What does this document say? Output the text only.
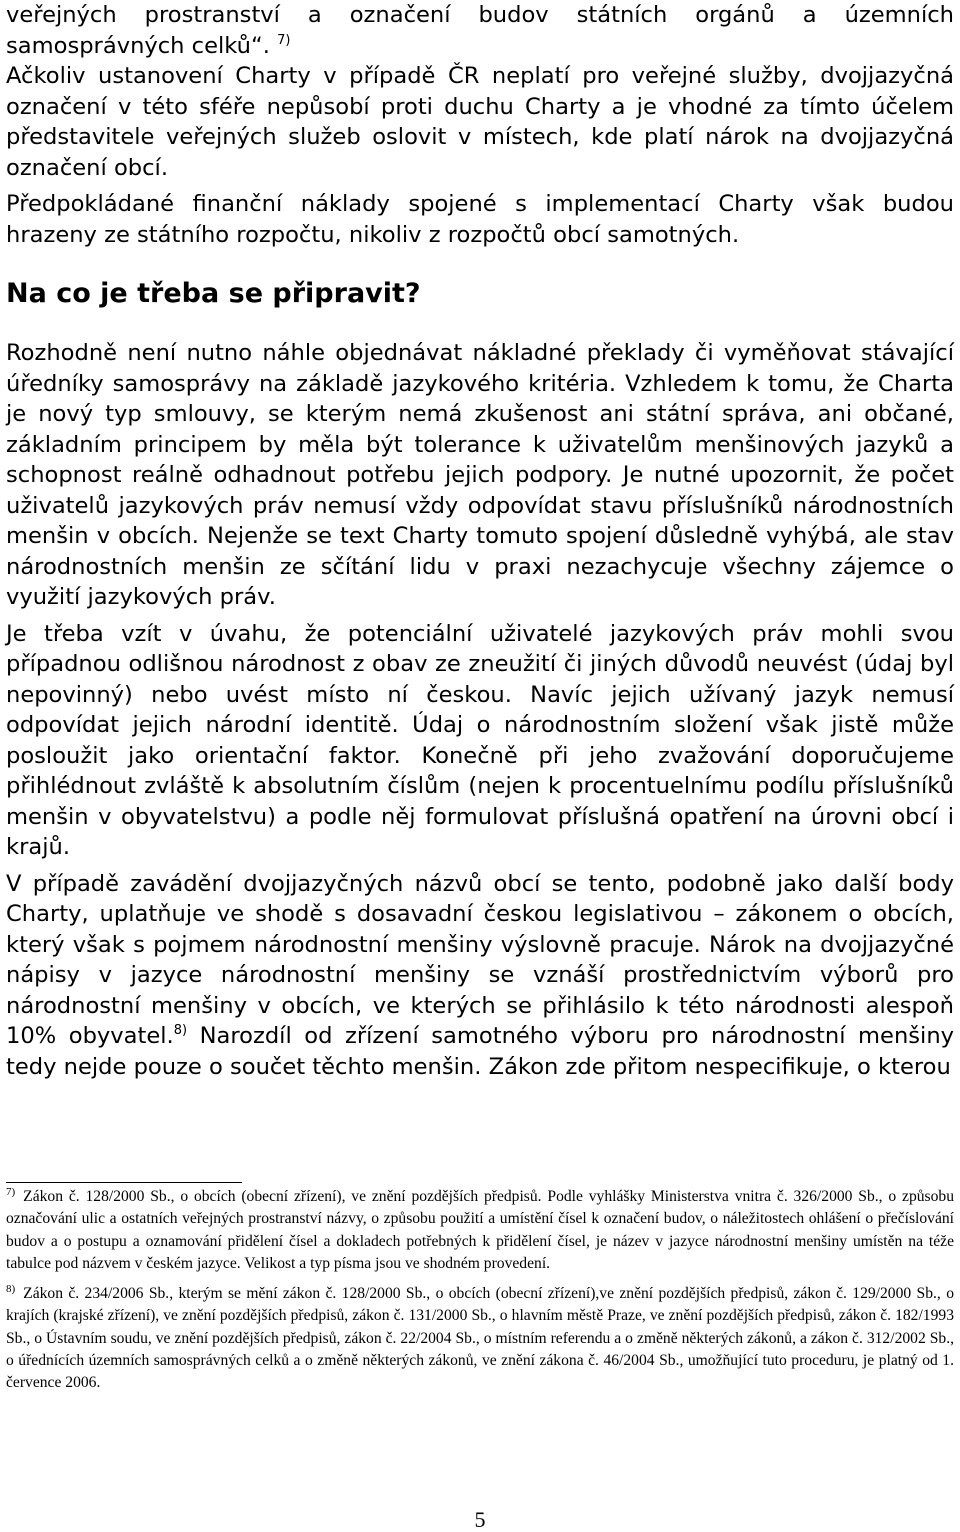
veřejných prostranství a označení budov státních orgánů a územních samosprávných celků“. $^{7)}$

Ačkoliv ustanovení Charty v případě ČR neplatí pro veřejné služby, dvojjazyčná označení v této sféře nepůsobí proti duchu Charty a je vhodné za tímto účelem představitele veřejných služeb oslovit v místech, kde platí nárok na dvojjazyčná označení obcí.

Předpokládané finanční náklady spojené s implementací Charty však budou hrazeny ze státního rozpočtu, nikoliv z rozpočtů obcí samotných.

Na co je třeba se připravit?

Rozhodně není nutno náhle objednávat nákladné překlady či vyměňovat stávající úředníky samosprávy na základě jazykového kritéria. Vzhledem k tomu, že Charta je nový typ smlouvy, se kterým nemá zkušenost ani státní správa, ani občané, základním principem by měla být tolerance k uživatelům menšinových jazyků a schopnost reálně odhadnout potřebu jejich podpory. Je nutné upozornit, že počet uživatelů jazykových práv nemusí vždy odpovídat stavu příslušníků národnostních menšin v obcích. Nejenže se text Charty tomuto spojení důsledně vyhýbá, ale stav národnostních menšin ze sčítání lidu v praxi nezachycuje všechny zájemce o využití jazykových práv.

Je třeba vzít v úvahu, že potenciální uživatelé jazykových práv mohli svou případnou odlišnou národnost z obav ze zneužití či jiných důvodů neuvést (údaj byl nepovinný) nebo uvést místo ní českou. Navíc jejich užívaný jazyk nemusí odpovídat jejich národní identitě. Údaj o národnostním složení však jistě může posloužit jako orientační faktor. Konečně při jeho zvažování doporučujeme přihlédnout zvláště k absolutním číslům (nejen k procentuelnímu podílu příslušníků menšin v obyvatelstvu) a podle něj formulovat příslušná opatření na úrovni obcí i krajů.

V případě zavádění dvojjazyčných názvů obcí se tento, podobně jako další body Charty, uplatňuje ve shodě s dosavadní českou legislativou – zákonem o obcích, který však s pojmem národnostní menšiny výslovně pracuje. Nárok na dvojjazyčné nápisy v jazyce národnostní menšiny se vznáší prostřednictvím výborů pro národnostní menšiny v obcích, ve kterých se přihlásilo k této národnosti alespoň 10% obyvatel.$^{8)}$ Narozdíl od zřízení samotného výboru pro národnostní menšiny tedy nejde pouze o součet těchto menšin. Zákon zde přitom nespecifikuje, o kterou

$^{7)}$ Zákon č. 128/2000 Sb., o obcích (obecní zřízení), ve znění pozdějších předpisů. Podle vyhlášky Ministerstva vnitra č. 326/2000 Sb., o způsobu označování ulic a ostatních veřejných prostranství názvy, o způsobu použití a umístění čísel k označení budov, o náležitostech ohlášení o přečíslování budov a o postupu a oznamování přidělení čísel a dokladech potřebných k přidělení čísel, je název v jazyce národnostní menšiny umístěn na téže tabulce pod názvem v českém jazyce. Velikost a typ písma jsou ve shodném provedení.

$^{8)}$ Zákon č. 234/2006 Sb., kterým se mění zákon č. 128/2000 Sb., o obcích (obecní zřízení),ve znění pozdějších předpisů, zákon č. 129/2000 Sb., o krajích (krajské zřízení), ve znění pozdějších předpisů, zákon č. 131/2000 Sb., o hlavním městě Praze, ve znění pozdějších předpisů, zákon č. 182/1993 Sb., o Ústavním soudu, ve znění pozdějších předpisů, zákon č. 22/2004 Sb., o místním referendu a o změně některých zákonů, a zákon č. 312/2002 Sb., o úřednících územních samosprávných celků a o změně některých zákonů, ve znění zákona č. 46/2004 Sb., umožňující tuto proceduru, je platný od 1. července 2006.

5
